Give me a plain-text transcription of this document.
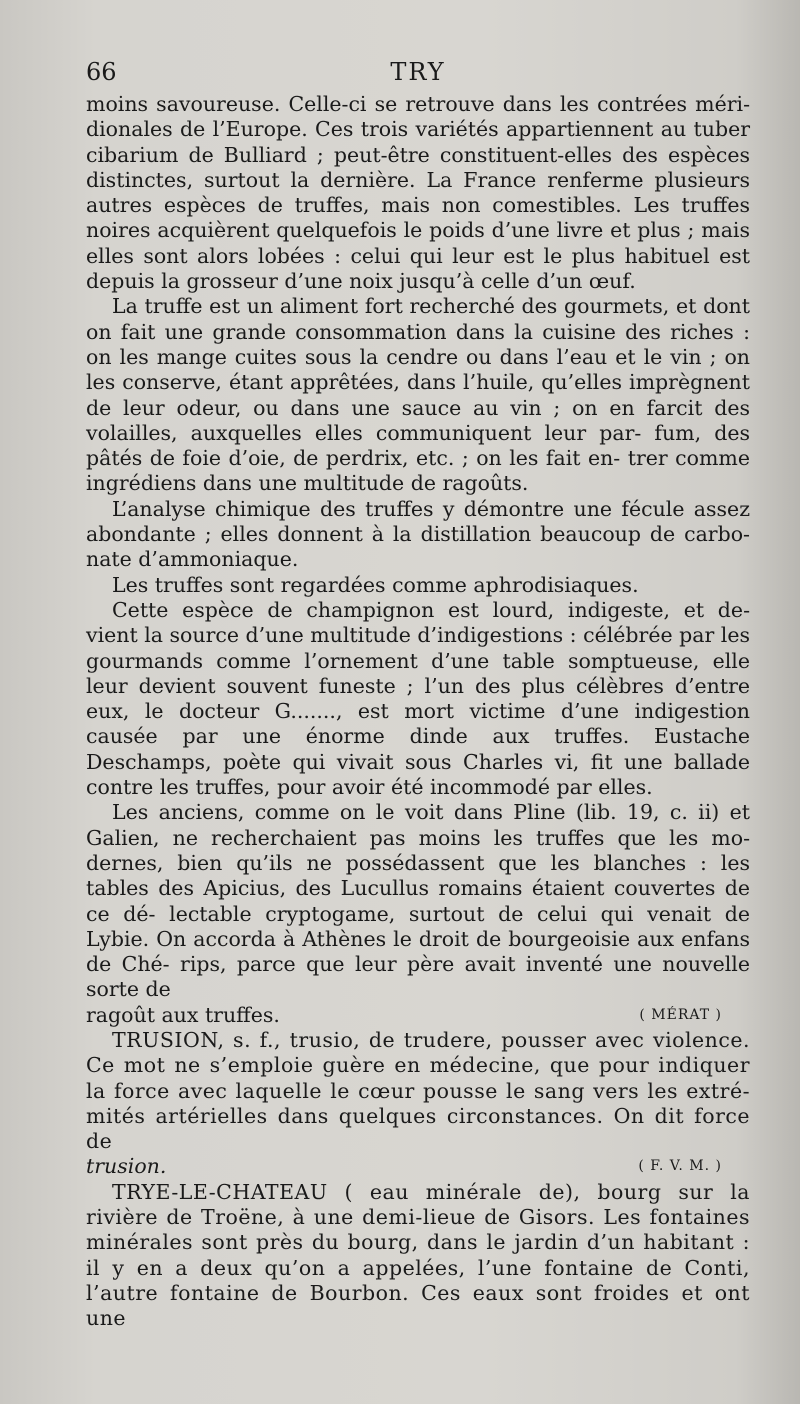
66	TRY

moins savoureuse. Celle-ci se retrouve dans les contrées méri- dionales de l’Europe. Ces trois variétés appartiennent au tuber cibarium de Bulliard ; peut-être constituent-elles des espèces distinctes, surtout la dernière. La France renferme plusieurs autres espèces de truffes, mais non comestibles. Les truffes noires acquièrent quelquefois le poids d’une livre et plus ; mais elles sont alors lobées : celui qui leur est le plus habituel est depuis la grosseur d’une noix jusqu’à celle d’un œuf.

La truffe est un aliment fort recherché des gourmets, et dont on fait une grande consommation dans la cuisine des riches : on les mange cuites sous la cendre ou dans l’eau et le vin ; on les conserve, étant apprêtées, dans l’huile, qu’elles imprègnent de leur odeur, ou dans une sauce au vin ; on en farcit des volailles, auxquelles elles communiquent leur par- fum, des pâtés de foie d’oie, de perdrix, etc. ; on les fait en- trer comme ingrédiens dans une multitude de ragoûts.

L’analyse chimique des truffes y démontre une fécule assez abondante ; elles donnent à la distillation beaucoup de carbo- nate d’ammoniaque.

Les truffes sont regardées comme aphrodisiaques.

Cette espèce de champignon est lourd, indigeste, et de- vient la source d’une multitude d’indigestions : célébrée par les gourmands comme l’ornement d’une table somptueuse, elle leur devient souvent funeste ; l’un des plus célèbres d’entre eux, le docteur G......., est mort victime d’une indigestion causée par une énorme dinde aux truffes. Eustache Deschamps, poète qui vivait sous Charles vi, fit une ballade contre les truffes, pour avoir été incommodé par elles.

Les anciens, comme on le voit dans Pline (lib. 19, c. ii) et Galien, ne recherchaient pas moins les truffes que les mo- dernes, bien qu’ils ne possédassent que les blanches : les tables des Apicius, des Lucullus romains étaient couvertes de ce dé- lectable cryptogame, surtout de celui qui venait de Lybie. On accorda à Athènes le droit de bourgeoisie aux enfans de Ché- rips, parce que leur père avait inventé une nouvelle sorte de

ragoût aux truffes.	( MÉRAT )

TRUSION, s. f., trusio, de trudere, pousser avec violence. Ce mot ne s’emploie guère en médecine, que pour indiquer la force avec laquelle le cœur pousse le sang vers les extré- mités artérielles dans quelques circonstances. On dit force de

trusion.	( F. V. M. )

TRYE-LE-CHATEAU ( eau minérale de), bourg sur la rivière de Troëne, à une demi-lieue de Gisors. Les fontaines minérales sont près du bourg, dans le jardin d’un habitant : il y en a deux qu’on a appelées, l’une fontaine de Conti, l’autre fontaine de Bourbon. Ces eaux sont froides et ont une
